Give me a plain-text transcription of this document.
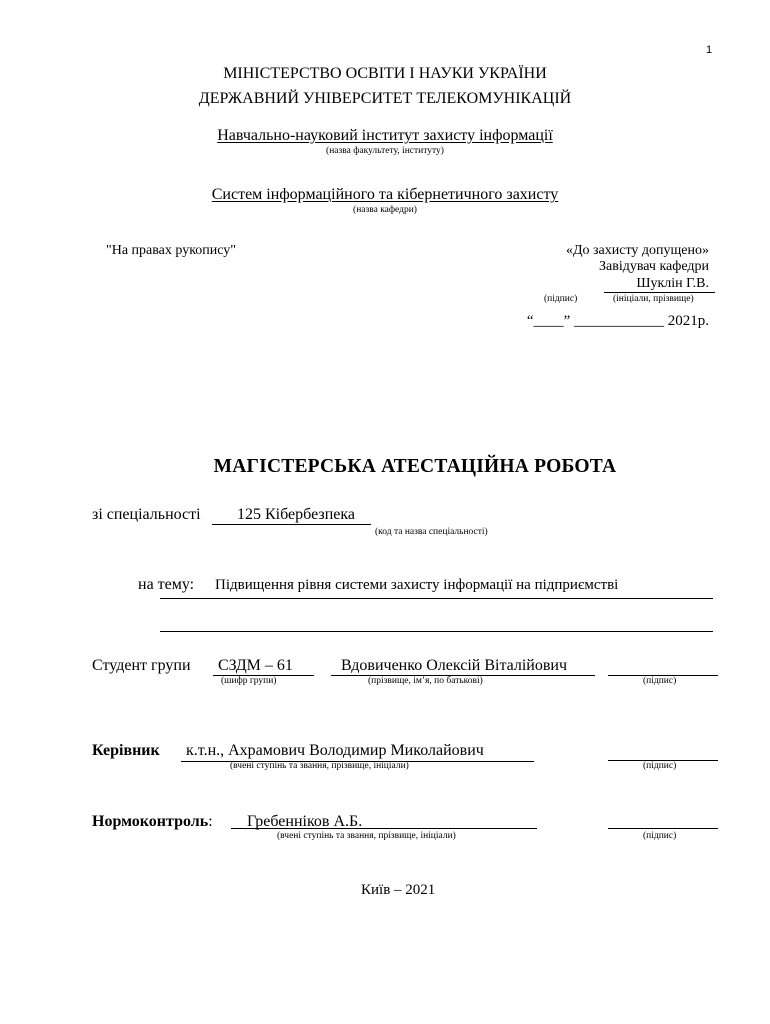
1
МІНІСТЕРСТВО ОСВІТИ І НАУКИ УКРАЇНИ
ДЕРЖАВНИЙ УНІВЕРСИТЕТ ТЕЛЕКОМУНІКАЦІЙ
Навчально-науковий інститут захисту інформації
(назва факультету, інституту)
Систем інформаційного та кібернетичного захисту
(назва кафедри)
"На правах рукопису"	«До захисту допущено»
Завідувач кафедри
Шуклін Г.В.
(підпис)	(ініціали, прізвище)
“____” ____________ 2021р.
МАГІСТЕРСЬКА АТЕСТАЦІЙНА РОБОТА
зі спеціальності 125 Кібербезпека
(код та назва спеціальності)
на тему: Підвищення рівня системи захисту інформації на підприємстві
Студент групи СЗДМ – 61
(шифр групи)
Вдовиченко Олексій Віталійович
(прізвище, ім’я, по батькові)	(підпис)
Керівник к.т.н., Ахрамович Володимир Миколайович
(вчені ступінь та звання, прізвище, ініціали)	(підпис)
Нормоконтроль: Гребенніков А.Б.
(вчені ступінь та звання, прізвище, ініціали)	(підпис)
Київ – 2021
